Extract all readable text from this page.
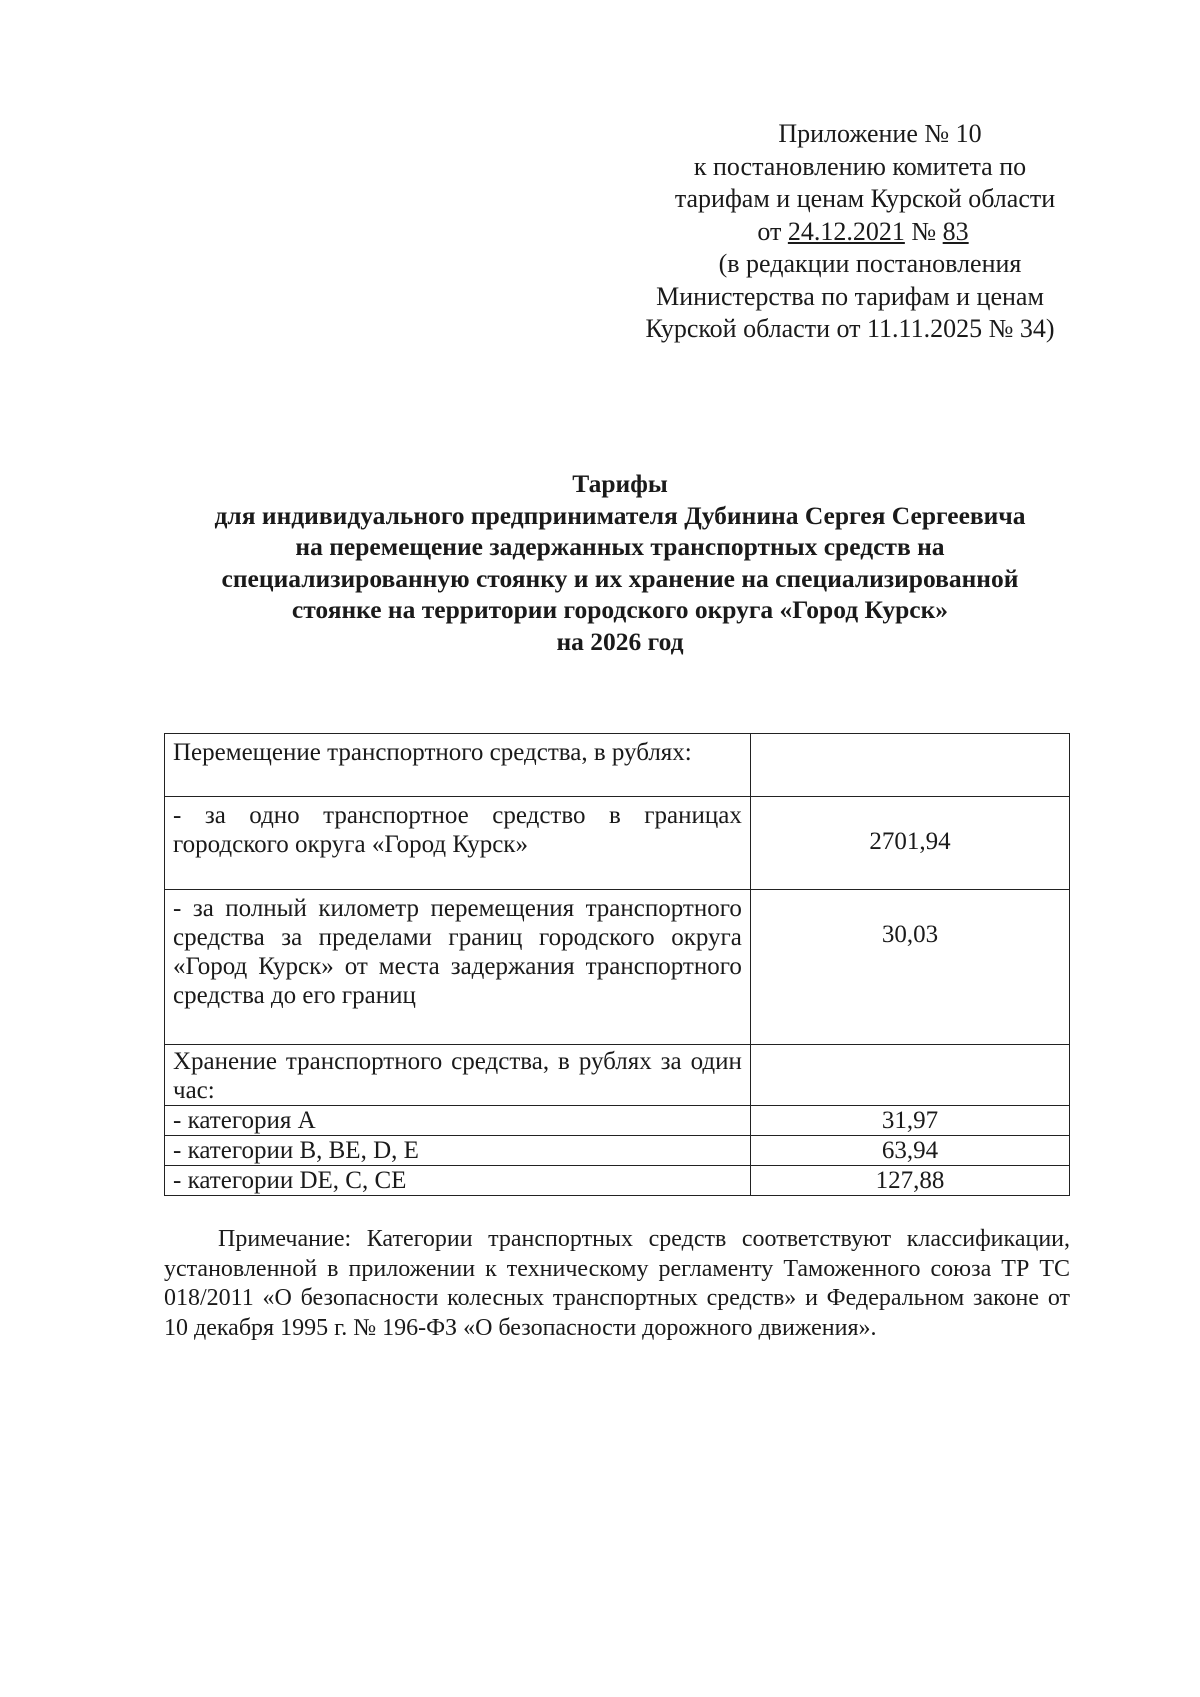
Приложение № 10
к постановлению комитета по
тарифам и ценам Курской области
от 24.12.2021 № 83
(в редакции постановления
Министерства по тарифам и ценам
Курской области от 11.11.2025 № 34)
Тарифы
для индивидуального предпринимателя Дубинина Сергея Сергеевича
на перемещение задержанных транспортных средств на
специализированную стоянку и их хранение на специализированной
стоянке на территории городского округа «Город Курск»
на 2026 год
Перемещение транспортного средства, в рублях:	
- за одно транспортное средство в границах городского округа «Город Курск»	2701,94
- за полный километр перемещения транспортного средства за пределами границ городского округа «Город Курск» от места задержания транспортного средства до его границ	30,03
Хранение транспортного средства, в рублях за один час:	
- категория А	31,97
- категории B, BE, D, E	63,94
- категории DE, C, CE	127,88
Примечание: Категории транспортных средств соответствуют классификации, установленной в приложении к техническому регламенту Таможенного союза ТР ТС 018/2011 «О безопасности колесных транспортных средств» и Федеральном законе от 10 декабря 1995 г. № 196-ФЗ «О безопасности дорожного движения».
